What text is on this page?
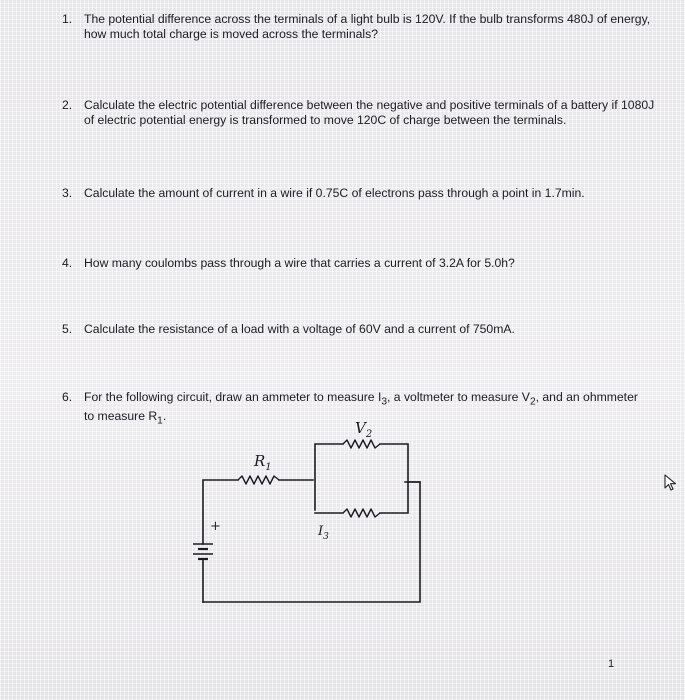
1. The potential difference across the terminals of a light bulb is 120V. If the bulb transforms 480J of energy, how much total charge is moved across the terminals?
2. Calculate the electric potential difference between the negative and positive terminals of a battery if 1080J of electric potential energy is transformed to move 120C of charge between the terminals.
3. Calculate the amount of current in a wire if 0.75C of electrons pass through a point in 1.7min.
4. How many coulombs pass through a wire that carries a current of 3.2A for 5.0h?
5. Calculate the resistance of a load with a voltage of 60V and a current of 750mA.
6. For the following circuit, draw an ammeter to measure $I_3$, a voltmeter to measure $V_2$, and an ohmmeter to measure $R_1$.
+
$R_1$
$V_2$
$I_3$
1
